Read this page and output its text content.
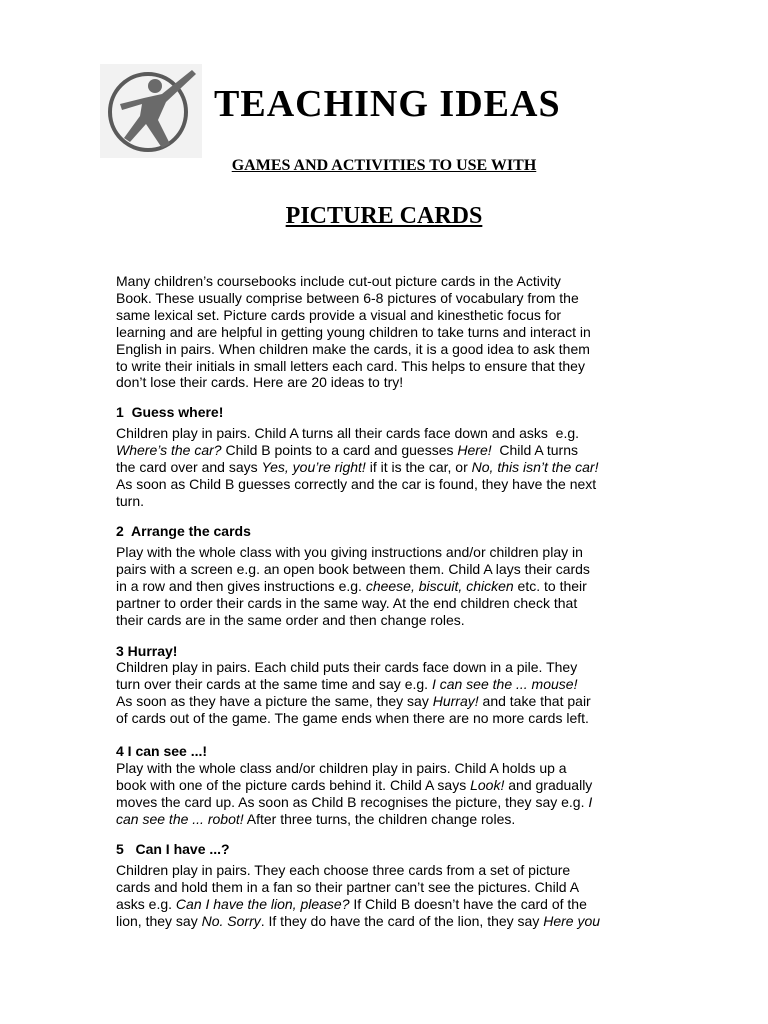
TEACHING IDEAS
GAMES AND ACTIVITIES TO USE WITH
PICTURE CARDS
Many children’s coursebooks include cut-out picture cards in the Activity
Book. These usually comprise between 6-8 pictures of vocabulary from the
same lexical set. Picture cards provide a visual and kinesthetic focus for
learning and are helpful in getting young children to take turns and interact in
English in pairs. When children make the cards, it is a good idea to ask them
to write their initials in small letters each card. This helps to ensure that they
don’t lose their cards. Here are 20 ideas to try!
1  Guess where!
Children play in pairs. Child A turns all their cards face down and asks  e.g.
Where’s the car? Child B points to a card and guesses Here!  Child A turns
the card over and says Yes, you’re right! if it is the car, or No, this isn’t the car!
As soon as Child B guesses correctly and the car is found, they have the next
turn.
2  Arrange the cards
Play with the whole class with you giving instructions and/or children play in
pairs with a screen e.g. an open book between them. Child A lays their cards
in a row and then gives instructions e.g. cheese, biscuit, chicken etc. to their
partner to order their cards in the same way. At the end children check that
their cards are in the same order and then change roles.
3 Hurray!
Children play in pairs. Each child puts their cards face down in a pile. They
turn over their cards at the same time and say e.g. I can see the ... mouse!
As soon as they have a picture the same, they say Hurray! and take that pair
of cards out of the game. The game ends when there are no more cards left.
4 I can see ...!
Play with the whole class and/or children play in pairs. Child A holds up a
book with one of the picture cards behind it. Child A says Look! and gradually
moves the card up. As soon as Child B recognises the picture, they say e.g. I
can see the ... robot! After three turns, the children change roles.
5   Can I have ...?
Children play in pairs. They each choose three cards from a set of picture
cards and hold them in a fan so their partner can’t see the pictures. Child A
asks e.g. Can I have the lion, please? If Child B doesn’t have the card of the
lion, they say No. Sorry. If they do have the card of the lion, they say Here you
